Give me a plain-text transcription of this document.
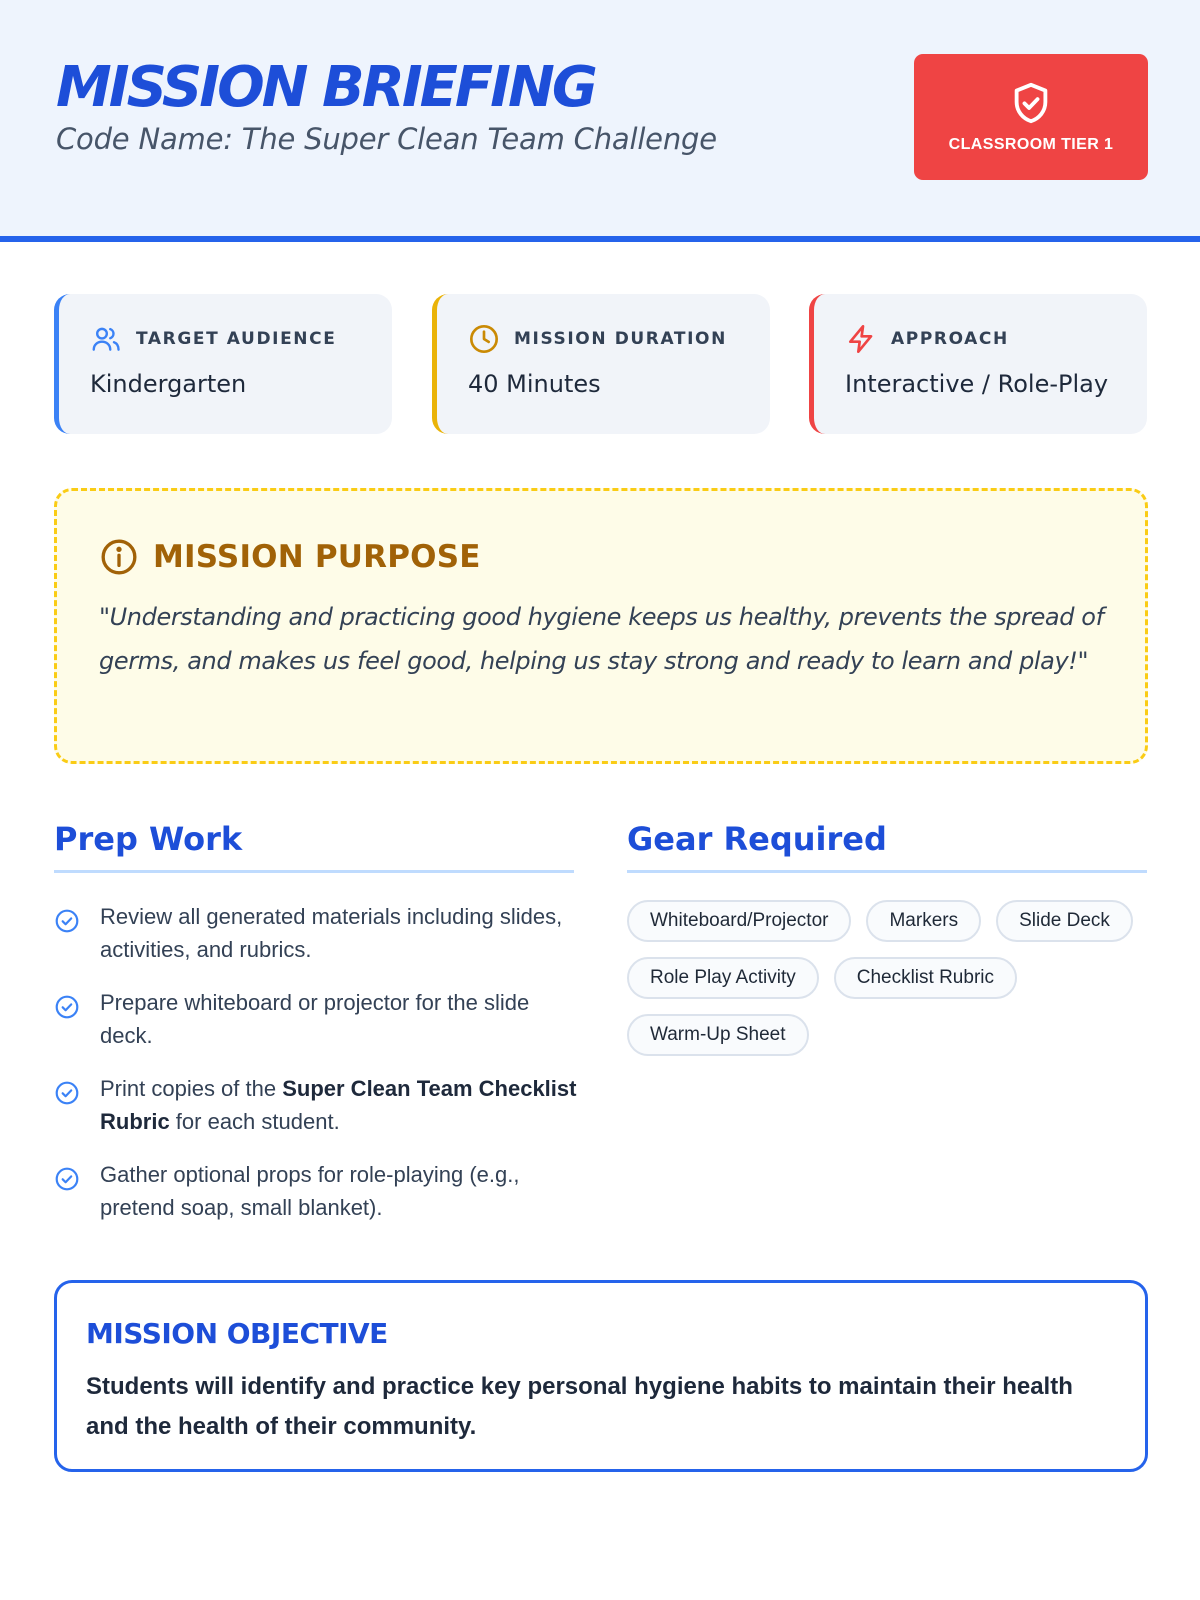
MISSION BRIEFING
Code Name: The Super Clean Team Challenge	CLASSROOM TIER 1
TARGET AUDIENCE
Kindergarten
MISSION DURATION
40 Minutes
APPROACH
Interactive / Role-Play
MISSION PURPOSE
"Understanding and practicing good hygiene keeps us healthy, prevents the spread of germs, and makes us feel good, helping us stay strong and ready to learn and play!"
Prep Work
Review all generated materials including slides, activities, and rubrics.
Prepare whiteboard or projector for the slide deck.
Print copies of the Super Clean Team Checklist Rubric for each student.
Gather optional props for role-playing (e.g., pretend soap, small blanket).
Gear Required
Whiteboard/Projector	Markers	Slide Deck
Role Play Activity	Checklist Rubric
Warm-Up Sheet
MISSION OBJECTIVE
Students will identify and practice key personal hygiene habits to maintain their health and the health of their community.
